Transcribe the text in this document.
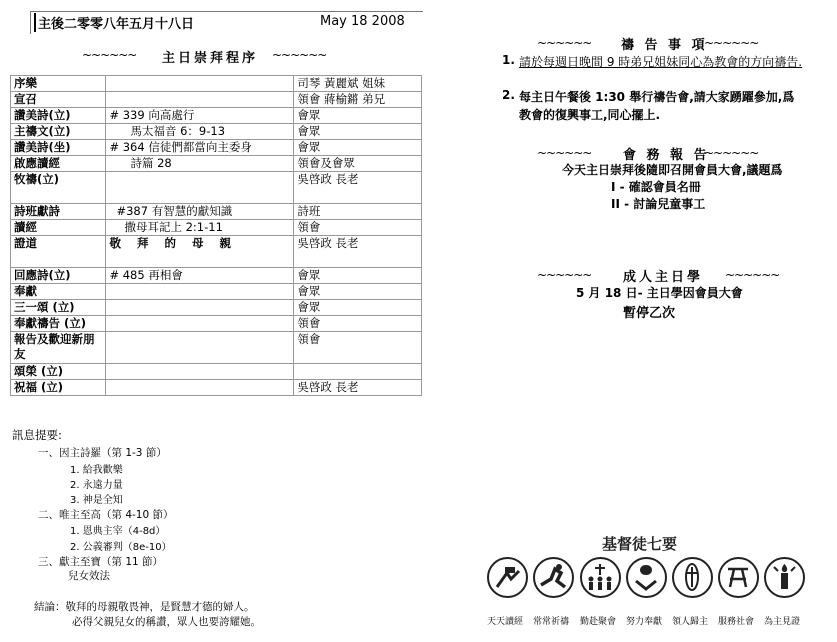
主後二零零八年五月十八日	May 18 2008
~~~~~~ 主日崇拜程序 ~~~~~~
序樂		司琴 黃麗斌 姐妹
宣召		領會 蔣榆鏘 弟兄
讚美詩(立)	# 339 向高處行	會眾
主禱文(立)	馬太福音 6：9-13	會眾
讚美詩(坐)	# 364 信徒們都當向主委身	會眾
啟應讀經	詩篇 28	領會及會眾
牧禱(立)		吳啓政 長老
詩班獻詩	#387 有智慧的獻知識	詩班
讀經	撒母耳記上 2:1-11	領會
證道	敬 拜 的 母 親	吳啓政 長老
回應詩(立)	# 485 再相會	會眾
奉獻		會眾
三一頌 (立)		會眾
奉獻禱告 (立)		領會
報告及歡迎新朋友		領會
頌榮 (立)		
祝福 (立)		吳啓政 長老
訊息提要:
一、因主詩羅（第 1-3 節）
1. 給我歡樂
2. 永遠力量
3. 神是全知
二、唯主至高（第 4-10 節）
1. 恩典主宰（4-8d）
2. 公義審判（8e-10）
三、獻主至寶（第 11 節）
兒女效法
結論：敬拜的母親敬畏神，是賢慧才德的婦人。
必得父親兒女的稱讚，眾人也要誇耀她。
~~~~~~ 禱 告 事 項
~~~~~~
1. 請於每週日晚間 9 時弟兄姐妹同心為教會的方向禱告.
2. 每主日午餐後 1:30 舉行禱告會,請大家踴躍參加,爲
教會的復興事工,同心擺上.
~~~~~~ 會 務 報 告
~~~~~~
今天主日崇拜後隨即召開會員大會,議題爲
I - 確認會員名冊
II - 討論兒童事工
~~~~~~ 成人主日學 ~~~~~~
5 月 18 日- 主日學因會員大會
暫停乙次
基督徒七要
天天讀經 常常祈禱 勤赴聚會 努力奉獻 領人歸主 服務社會 為主見證
